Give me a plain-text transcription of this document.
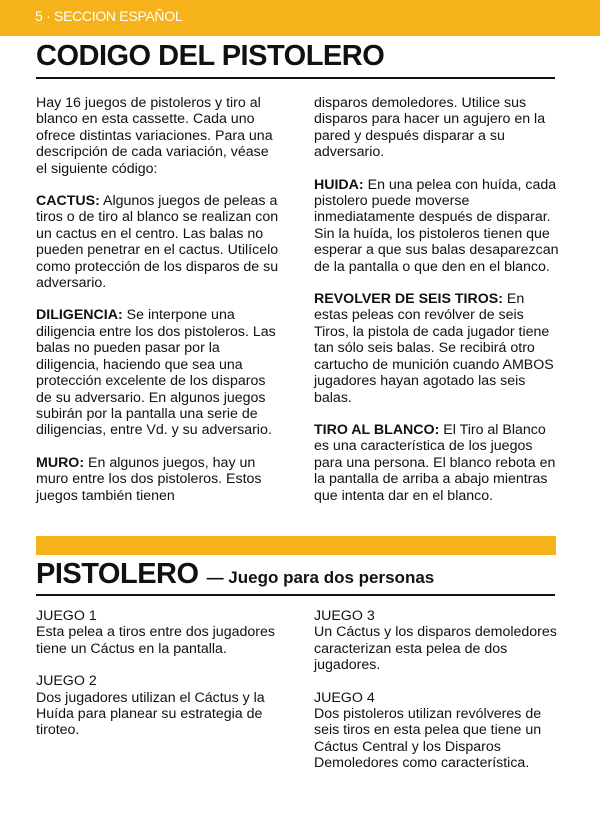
5 · SECCION ESPAÑOL
CODIGO DEL PISTOLERO

Hay 16 juegos de pistoleros y tiro al blanco en esta cassette. Cada uno ofrece distintas variaciones. Para una descripción de cada variación, véase el siguiente código:

CACTUS: Algunos juegos de peleas a tiros o de tiro al blanco se realizan con un cactus en el centro. Las balas no pueden penetrar en el cactus. Utilícelo como protección de los disparos de su adversario.

DILIGENCIA: Se interpone una diligencia entre los dos pistoleros. Las balas no pueden pasar por la diligencia, haciendo que sea una protección excelente de los disparos de su adversario. En algunos juegos subirán por la pantalla una serie de diligencias, entre Vd. y su adversario.

MURO: En algunos juegos, hay un muro entre los dos pistoleros. Estos juegos también tienen

disparos demoledores. Utilice sus disparos para hacer un agujero en la pared y después disparar a su adversario.

HUIDA: En una pelea con huída, cada pistolero puede moverse inmediatamente después de disparar. Sin la huída, los pistoleros tienen que esperar a que sus balas desaparezcan de la pantalla o que den en el blanco.

REVOLVER DE SEIS TIROS: En estas peleas con revólver de seis Tiros, la pistola de cada jugador tiene tan sólo seis balas. Se recibirá otro cartucho de munición cuando AMBOS jugadores hayan agotado las seis balas.

TIRO AL BLANCO: El Tiro al Blanco es una característica de los juegos para una persona. El blanco rebota en la pantalla de arriba a abajo mientras que intenta dar en el blanco.

PISTOLERO — Juego para dos personas
JUEGO 1
Esta pelea a tiros entre dos jugadores tiene un Cáctus en la pantalla.
JUEGO 2
Dos jugadores utilizan el Cáctus y la Huída para planear su estrategia de tiroteo.
JUEGO 3
Un Cáctus y los disparos demoledores caracterizan esta pelea de dos jugadores.
JUEGO 4
Dos pistoleros utilizan revólveres de seis tiros en esta pelea que tiene un Cáctus Central y los Disparos Demoledores como característica.
